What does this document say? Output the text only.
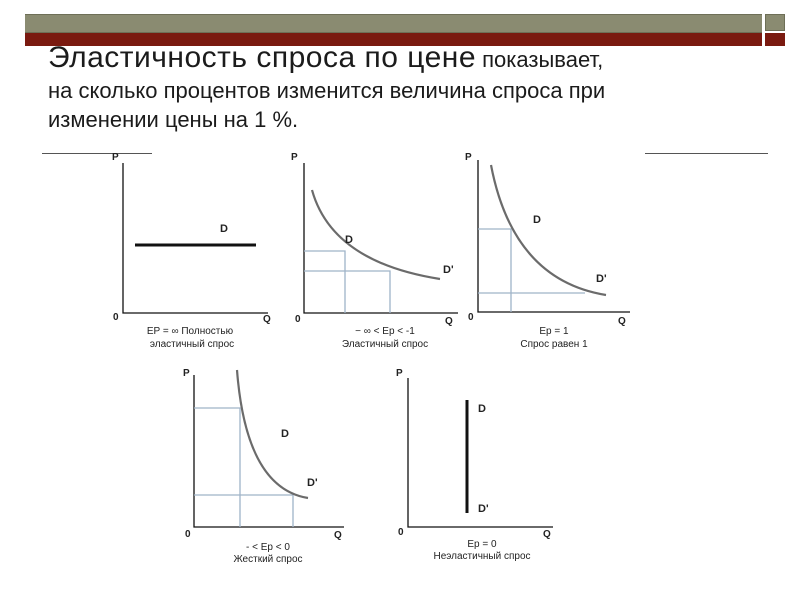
Эластичность спроса по цене показывает,
на сколько процентов изменится величина спроса при
изменении цены на 1 %.
P
0	Q
D
EP = ∞ Полностью
эластичный спрос
P
0	Q
D
D'
− ∞ < Ep < -1
Эластичный спрос
P
0	Q
D
D'
Ep = 1
Спрос равен 1
P
0	Q
D
D'
- < Ep < 0
Жесткий спрос
P
0	Q
D
D'
Ep = 0
Неэластичный спрос
